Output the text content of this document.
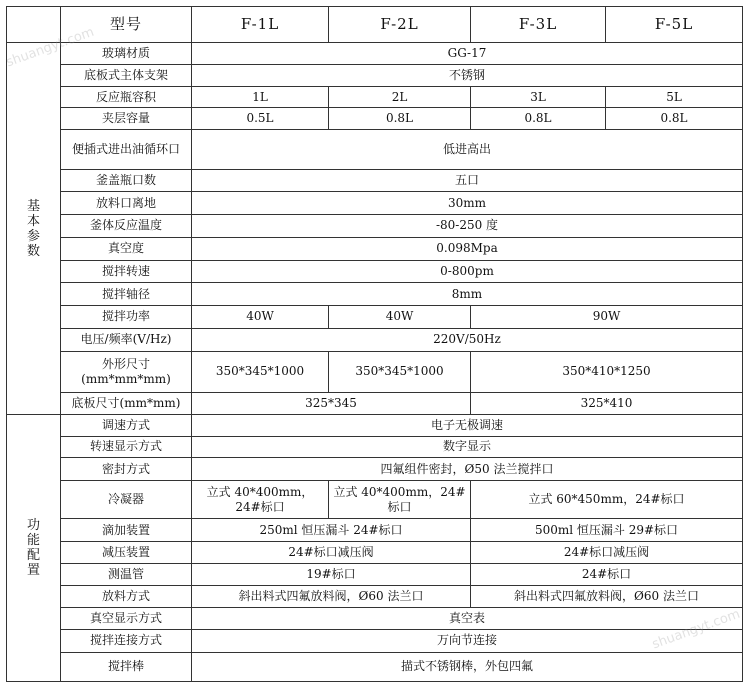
	型号	F-1L	F-2L	F-3L	F-5L
基本参数	玻璃材质	GG-17			
	底板式主体支架	不锈钢			
	反应瓶容积	1L	2L	3L	5L
	夹层容量	0.5L	0.8L	0.8L	0.8L
	便插式进出油循环口	低进高出			
	釜盖瓶口数	五口			
	放料口离地	30mm			
	釜体反应温度	-80-250 度			
	真空度	0.098Mpa			
	搅拌转速	0-800pm			
	搅拌轴径	8mm			
	搅拌功率	40W	40W	90W	
	电压/频率(V/Hz)	220V/50Hz			
	外形尺寸(mm*mm*mm)	350*345*1000	350*345*1000	350*410*1250	
	底板尺寸(mm*mm)	325*345		325*410	
功能配置	调速方式	电子无极调速			
	转速显示方式	数字显示			
	密封方式	四氟组件密封，Ø50 法兰搅拌口			
	冷凝器	立式 40*400mm，24#标口	立式 40*400mm，24#标口	立式 60*450mm，24#标口	
	滴加装置	250ml 恒压漏斗 24#标口		500ml 恒压漏斗 29#标口	
	减压装置	24#标口减压阀		24#标口减压阀	
	测温管	19#标口		24#标口	
	放料方式	斜出料式四氟放料阀，Ø60 法兰口		斜出料式四氟放料阀，Ø60 法兰口	
	真空显示方式	真空表			
	搅拌连接方式	万向节连接			
	搅拌棒	描式不锈钢棒，外包四氟			
shuangyt.com
shuangyt.com
